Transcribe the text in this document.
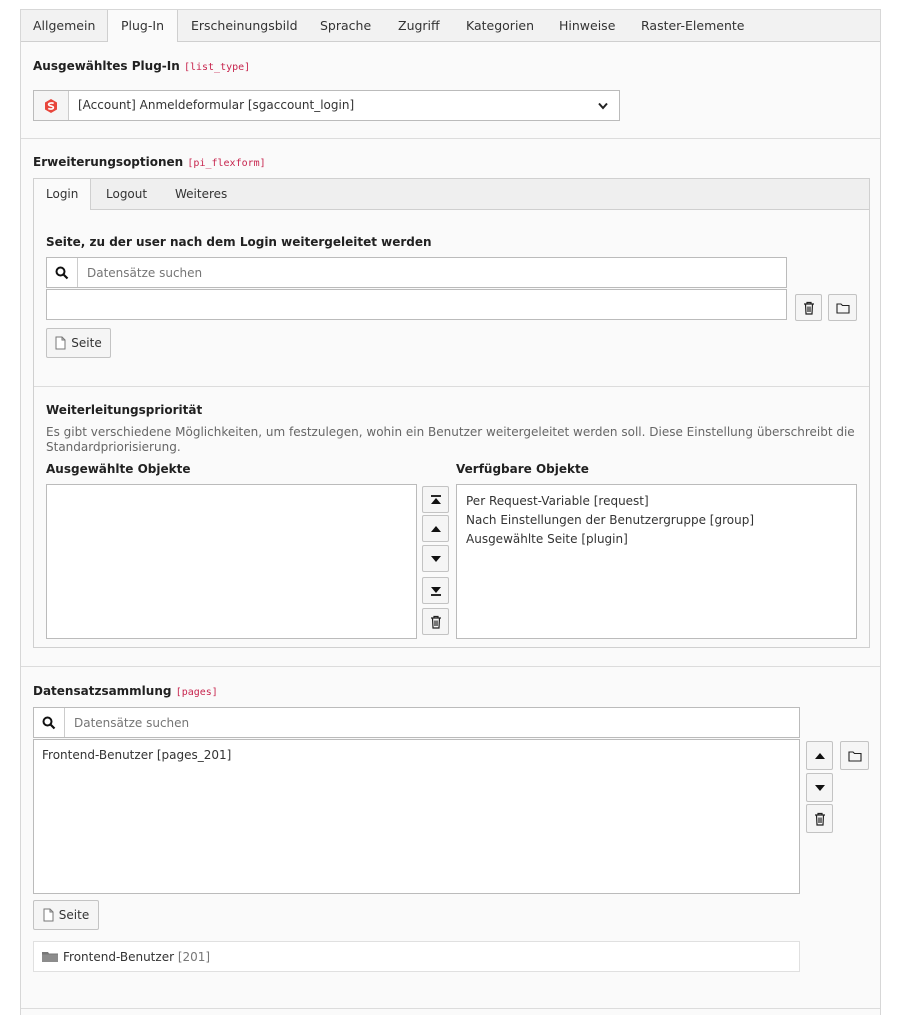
Allgemein	Plug-In	Erscheinungsbild Sprache Zugriff Kategorien Hinweise Raster-Elemente
Ausgewähltes Plug-In [list_type]
[Account] Anmeldeformular [sgaccount_login]
Erweiterungsoptionen [pi_flexform]
Login	Logout Weiteres
Seite, zu der user nach dem Login weitergeleitet werden
Datensätze suchen
Seite
Weiterleitungspriorität
Es gibt verschiedene Möglichkeiten, um festzulegen, wohin ein Benutzer weitergeleitet werden soll. Diese Einstellung überschreibt die Standardpriorisierung.
Ausgewählte Objekte	Verfügbare Objekte
Per Request-Variable [request]
Nach Einstellungen der Benutzergruppe [group]
Ausgewählte Seite [plugin]
Datensatzsammlung [pages]
Datensätze suchen
Frontend-Benutzer [pages_201]
Seite
Frontend-Benutzer [201]
